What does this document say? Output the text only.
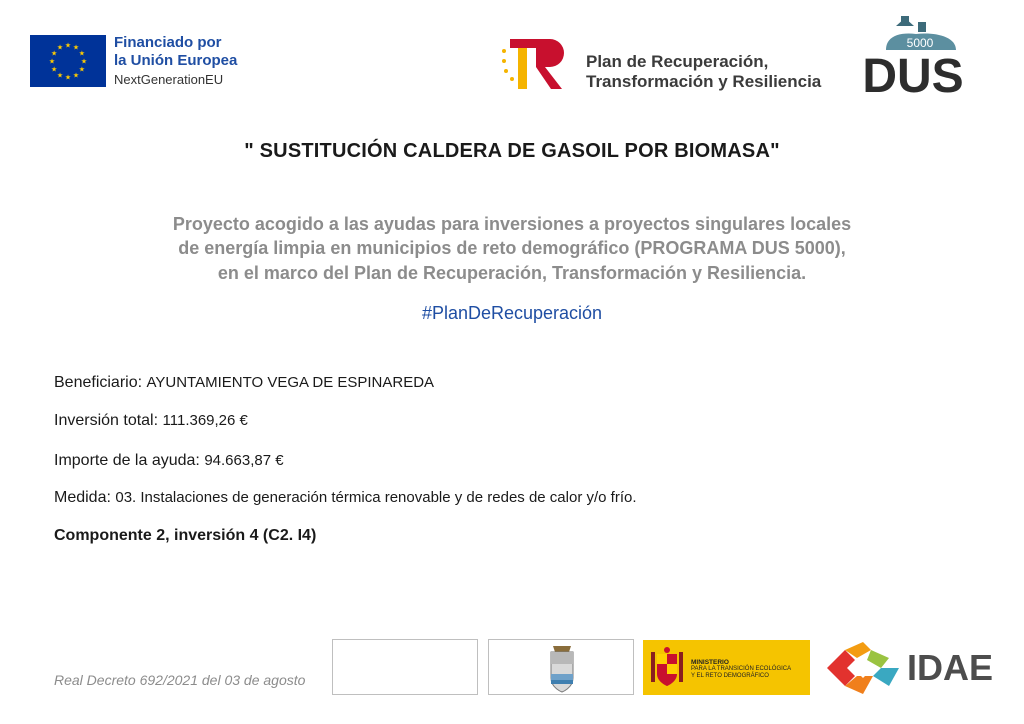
★ ★
★
★
★
★
★
★
★
★
★
★	Financiado por
la Unión Europea
NextGenerationEU
Plan de Recuperación,
Transformación y Resiliencia
5000
DUS
" SUSTITUCIÓN CALDERA DE GASOIL POR BIOMASA"
Proyecto acogido a las ayudas para inversiones a proyectos singulares locales
de energía limpia en municipios de reto demográfico (PROGRAMA DUS 5000),
en el marco del Plan de Recuperación, Transformación y Resiliencia.
#PlanDeRecuperación
Beneficiario: AYUNTAMIENTO VEGA DE ESPINAREDA
Inversión total: 111.369,26 €
Importe de la ayuda: 94.663,87 €
Medida: 03. Instalaciones de generación térmica renovable y de redes de calor y/o frío.
Componente 2, inversión 4 (C2. I4)
Real Decreto 692/2021 del 03 de agosto
MINISTERIO
PARA LA TRANSICIÓN ECOLÓGICA
Y EL RETO DEMOGRÁFICO	IDAE
